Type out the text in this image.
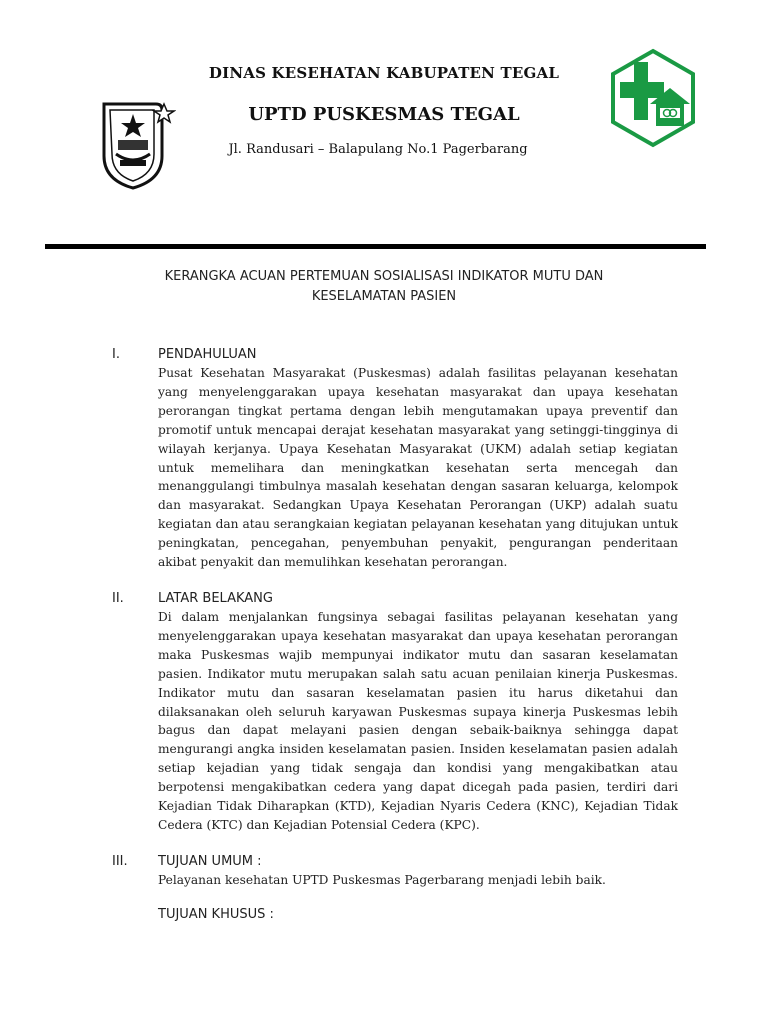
DINAS KESEHATAN KABUPATEN TEGAL
UPTD PUSKESMAS TEGAL
Jl. Randusari – Balapulang No.1 Pagerbarang
KERANGKA ACUAN PERTEMUAN SOSIALISASI INDIKATOR MUTU DAN
KESELAMATAN PASIEN
I.	PENDAHULUAN

Pusat Kesehatan Masyarakat (Puskesmas) adalah fasilitas pelayanan kesehatan yang menyelenggarakan upaya kesehatan masyarakat dan upaya kesehatan perorangan tingkat pertama dengan lebih mengutamakan upaya preventif dan promotif untuk mencapai derajat kesehatan masyarakat yang setinggi-tingginya di wilayah kerjanya. Upaya Kesehatan Masyarakat (UKM) adalah setiap kegiatan untuk memelihara dan meningkatkan kesehatan serta mencegah dan menanggulangi timbulnya masalah kesehatan dengan sasaran keluarga, kelompok dan masyarakat. Sedangkan Upaya Kesehatan Perorangan (UKP) adalah suatu kegiatan dan atau serangkaian kegiatan pelayanan kesehatan yang ditujukan untuk peningkatan, pencegahan, penyembuhan penyakit, pengurangan penderitaan akibat penyakit dan memulihkan kesehatan perorangan.

II.	LATAR BELAKANG

Di dalam menjalankan fungsinya sebagai fasilitas pelayanan kesehatan yang menyelenggarakan upaya kesehatan masyarakat dan upaya kesehatan perorangan maka Puskesmas wajib mempunyai indikator mutu dan sasaran keselamatan pasien. Indikator mutu merupakan salah satu acuan penilaian kinerja Puskesmas. Indikator mutu dan sasaran keselamatan pasien itu harus diketahui dan dilaksanakan oleh seluruh karyawan Puskesmas supaya kinerja Puskesmas lebih bagus dan dapat melayani pasien dengan sebaik-baiknya sehingga dapat mengurangi angka insiden keselamatan pasien. Insiden keselamatan pasien adalah setiap kejadian yang tidak sengaja dan kondisi yang mengakibatkan atau berpotensi mengakibatkan cedera yang dapat dicegah pada pasien, terdiri dari Kejadian Tidak Diharapkan (KTD), Kejadian Nyaris Cedera (KNC), Kejadian Tidak Cedera (KTC) dan Kejadian Potensial Cedera (KPC).

III. TUJUAN UMUM :

Pelayanan kesehatan UPTD Puskesmas Pagerbarang menjadi lebih baik.

TUJUAN KHUSUS :
